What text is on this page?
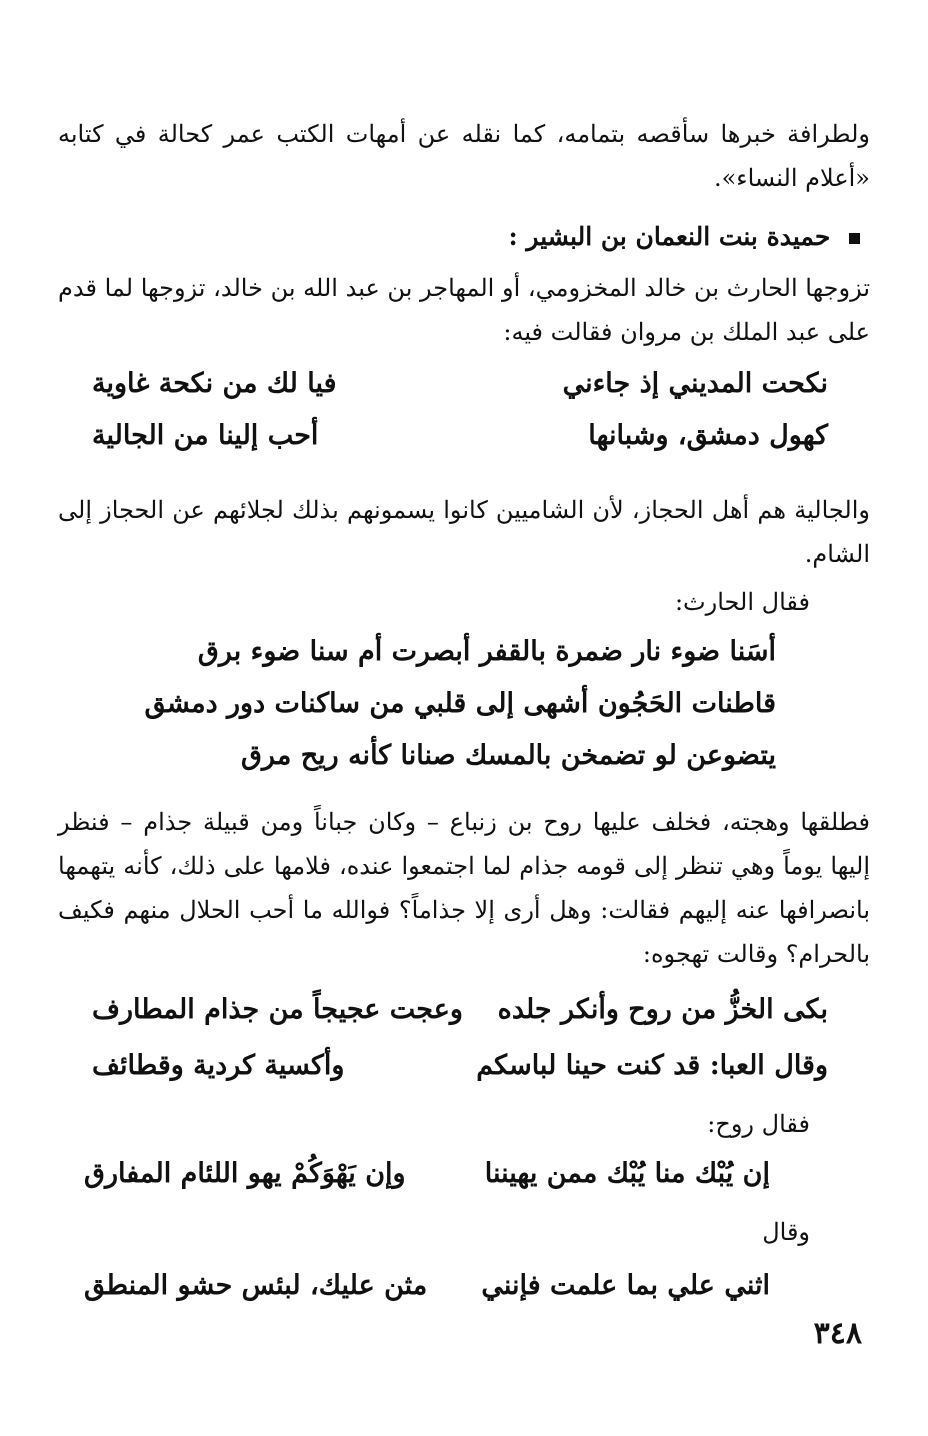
ولطرافة خبرها سأقصه بتمامه، كما نقله عن أمهات الكتب عمر كحالة في كتابه «أعلام النساء».

حميدة بنت النعمان بن البشير :

تزوجها الحارث بن خالد المخزومي، أو المهاجر بن عبد الله بن خالد، تزوجها لما قدم على عبد الملك بن مروان فقالت فيه:

نكحت المديني إذ جاءني
فيا لك من نكحة غاوية
كهول دمشق، وشبانها
أحب إلينا من الجالية

والجالية هم أهل الحجاز، لأن الشاميين كانوا يسمونهم بذلك لجلائهم عن الحجاز إلى الشام.

فقال الحارث:

أسَنا ضوء نار ضمرة بالقفر أبصرت أم سنا ضوء برق
قاطنات الحَجُون أشهى إلى قلبي من ساكنات دور دمشق
يتضوعن لو تضمخن بالمسك صنانا كأنه ريح مرق

فطلقها وهجته، فخلف عليها روح بن زنباع – وكان جباناً ومن قبيلة جذام – فنظر إليها يوماً وهي تنظر إلى قومه جذام لما اجتمعوا عنده، فلامها على ذلك، كأنه يتهمها بانصرافها عنه إليهم فقالت: وهل أرى إلا جذاماً؟ فوالله ما أحب الحلال منهم فكيف بالحرام؟ وقالت تهجوه:

بكى الخزُّ من روح وأنكر جلده
وعجت عجيجاً من جذام المطارف
وقال العبا: قد كنت حينا لباسكم
وأكسية كردية وقطائف

فقال روح:

إن يُبْك منا يُبْك ممن يهيننا
وإن يَهْوَكُمْ يهو اللئام المفارق

وقال

اثني علي بما علمت فإنني
مثن عليك، لبئس حشو المنطق
٣٤٨
